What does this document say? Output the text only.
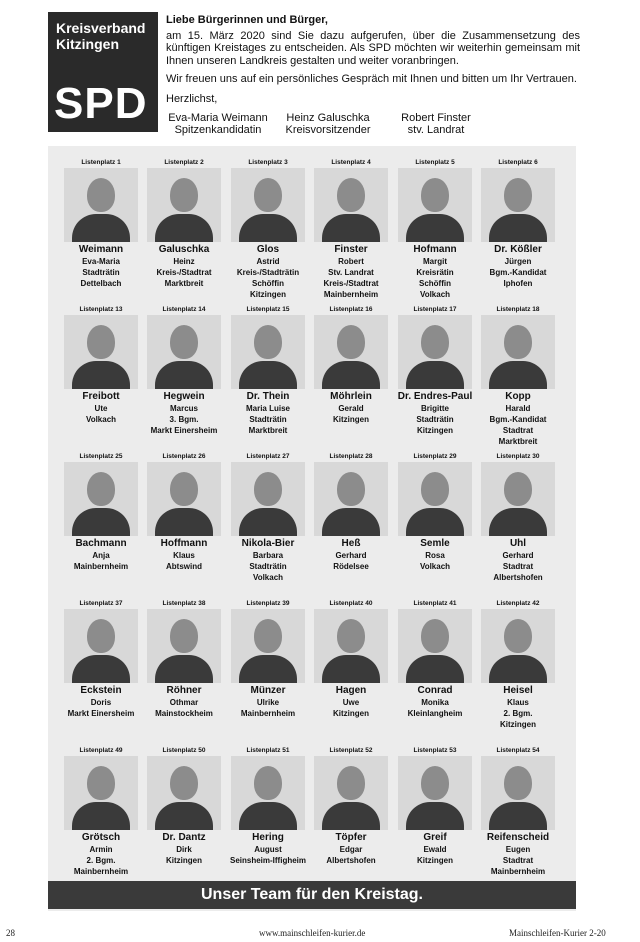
Kreisverband Kitzingen
SPD
Liebe Bürgerinnen und Bürger,

am 15. März 2020 sind Sie dazu aufgerufen, über die Zusammensetzung des künftigen Kreistages zu entscheiden. Als SPD möchten wir weiterhin gemeinsam mit Ihnen unseren Landkreis gestalten und weiter voranbringen.

Wir freuen uns auf ein persönliches Gespräch mit Ihnen und bitten um Ihr Vertrauen.
Herzlichst,
Eva-Maria Weimann
Spitzenkandidatin
Heinz Galuschka
Kreisvorsitzender
Robert Finster
stv. Landrat
Listenplatz 1
Weimann
Eva-Maria
Stadträtin
Dettelbach
Listenplatz 2
Galuschka
Heinz
Kreis-/Stadtrat
Marktbreit
Listenplatz 3
Glos
Astrid
Kreis-/Stadträtin
Schöffin
Kitzingen
Listenplatz 4
Finster
Robert
Stv. Landrat
Kreis-/Stadtrat
Mainbernheim
Listenplatz 5
Hofmann
Margit
Kreisrätin
Schöffin
Volkach
Listenplatz 6
Dr. Kößler
Jürgen
Bgm.-Kandidat
Iphofen
Listenplatz 13
Freibott
Ute
Volkach
Listenplatz 14
Hegwein
Marcus
3. Bgm.
Markt Einersheim
Listenplatz 15
Dr. Thein
Maria Luise
Stadträtin
Marktbreit
Listenplatz 16
Möhrlein
Gerald
Kitzingen
Listenplatz 17
Dr. Endres-Paul
Brigitte
Stadträtin
Kitzingen
Listenplatz 18
Kopp
Harald
Bgm.-Kandidat
Stadtrat
Marktbreit
Listenplatz 25
Bachmann
Anja
Mainbernheim
Listenplatz 26
Hoffmann
Klaus
Abtswind
Listenplatz 27
Nikola-Bier
Barbara
Stadträtin
Volkach
Listenplatz 28
Heß
Gerhard
Rödelsee
Listenplatz 29
Semle
Rosa
Volkach
Listenplatz 30
Uhl
Gerhard
Stadtrat
Albertshofen
Listenplatz 37
Eckstein
Doris
Markt Einersheim
Listenplatz 38
Röhner
Othmar
Mainstockheim
Listenplatz 39
Münzer
Ulrike
Mainbernheim
Listenplatz 40
Hagen
Uwe
Kitzingen
Listenplatz 41
Conrad
Monika
Kleinlangheim
Listenplatz 42
Heisel
Klaus
2. Bgm.
Kitzingen
Listenplatz 49
Grötsch
Armin
2. Bgm.
Mainbernheim
Listenplatz 50
Dr. Dantz
Dirk
Kitzingen
Listenplatz 51
Hering
August
Seinsheim-Iffigheim
Listenplatz 52
Töpfer
Edgar
Albertshofen
Listenplatz 53
Greif
Ewald
Kitzingen
Listenplatz 54
Reifenscheid
Eugen
Stadtrat
Mainbernheim
Unser Team für den Kreistag.
28	www.mainschleifen-kurier.de	Mainschleifen-Kurier 2-20
